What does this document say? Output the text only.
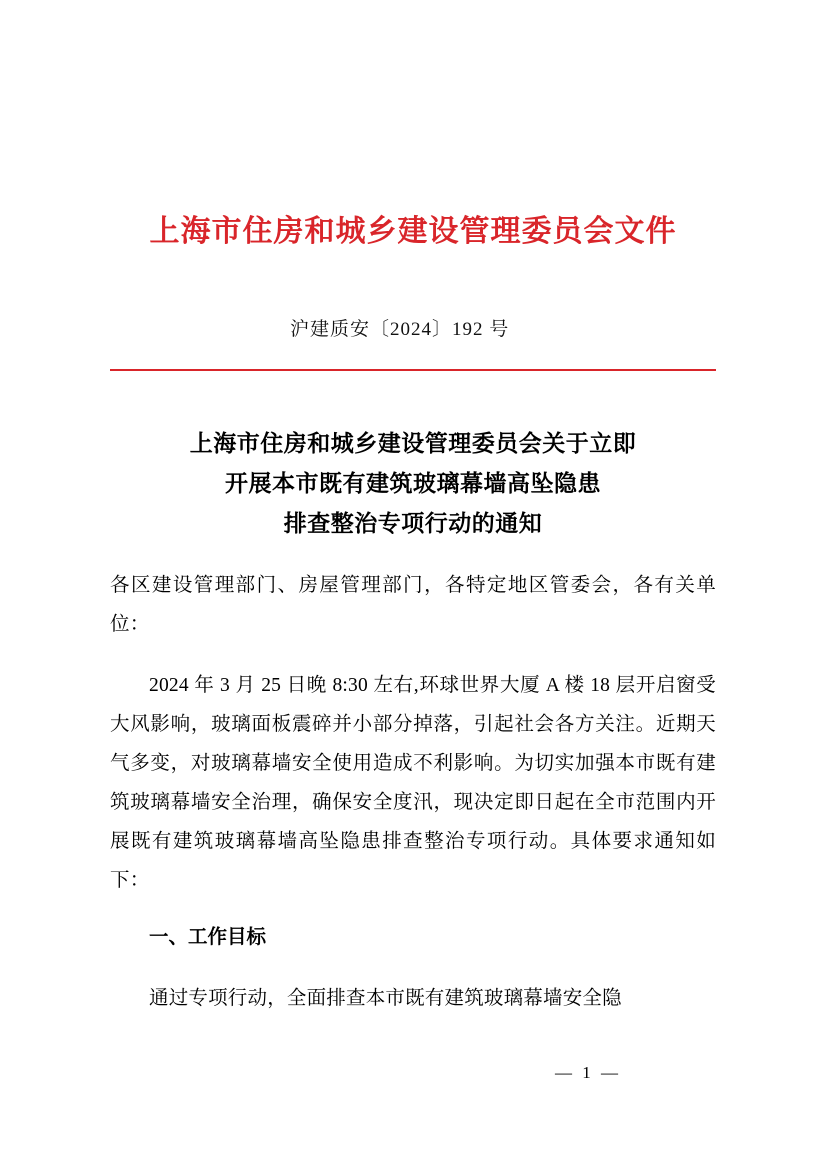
上海市住房和城乡建设管理委员会文件
沪建质安〔2024〕192 号
上海市住房和城乡建设管理委员会关于立即
开展本市既有建筑玻璃幕墙高坠隐患
排查整治专项行动的通知
各区建设管理部门、房屋管理部门，各特定地区管委会，各有关单位：
2024 年 3 月 25 日晚 8:30 左右,环球世界大厦 A 楼 18 层开启窗受大风影响，玻璃面板震碎并小部分掉落，引起社会各方关注。近期天气多变，对玻璃幕墙安全使用造成不利影响。为切实加强本市既有建筑玻璃幕墙安全治理，确保安全度汛，现决定即日起在全市范围内开展既有建筑玻璃幕墙高坠隐患排查整治专项行动。具体要求通知如下：
一、工作目标
通过专项行动，全面排查本市既有建筑玻璃幕墙安全隐
— 1 —
